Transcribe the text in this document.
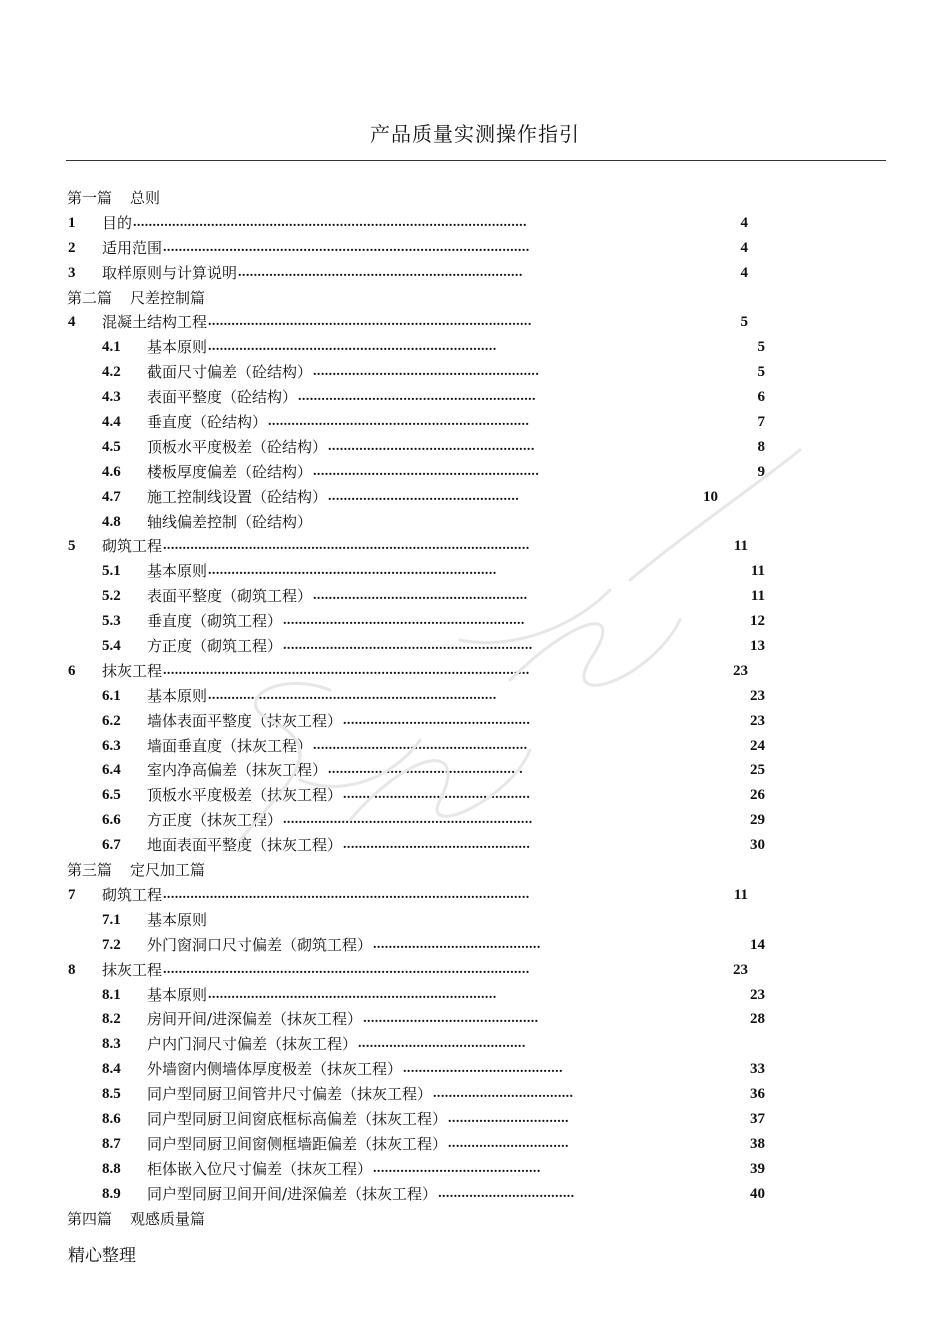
产品质量实测操作指引
第一篇 总则
1 目的	4
.....................................................................................................
2 适用范围	4
..............................................................................................
3 取样原则与计算说明	4
.........................................................................
第二篇 尺差控制篇
4 混凝土结构工程	5
...................................................................................
4.1 基本原则	5
..........................................................................
4.2 截面尺寸偏差（砼结构）	5
..........................................................
4.3 表面平整度（砼结构）	6
.............................................................
4.4 垂直度（砼结构）	7
...................................................................
4.5 顶板水平度极差（砼结构）	8
.....................................................
4.6 楼板厚度偏差（砼结构）	9
..........................................................
4.7 施工控制线设置（砼结构）	10
.................................................
4.8 轴线偏差控制（砼结构）
5 砌筑工程	11
..............................................................................................
5.1 基本原则	11
..........................................................................
5.2 表面平整度（砌筑工程）	11
.......................................................
5.3 垂直度（砌筑工程）	12
..............................................................
5.4 方正度（砌筑工程）	13
................................................................
6 抹灰工程	23
..............................................................................................
6.1 基本原则	23
..........................................................................
6.2 墙体表面平整度（抹灰工程）	23
................................................
6.3 墙面垂直度（抹灰工程）	24
.......................................................
6.4 室内净高偏差（抹灰工程）	25
..................................................
6.5 顶板水平度极差（抹灰工程）	26
................................................
6.6 方正度（抹灰工程）	29
................................................................
6.7 地面表面平整度（抹灰工程）	30
................................................
第三篇 定尺加工篇
7 砌筑工程	11
..............................................................................................
7.1 基本原则
7.2 外门窗洞口尺寸偏差（砌筑工程）	14
...........................................
8 抹灰工程	23
..............................................................................................
8.1 基本原则	23
..........................................................................
8.2 房间开间/进深偏差（抹灰工程）	28
.............................................
8.3 户内门洞尺寸偏差（抹灰工程） ...........................................
8.4 外墙窗内侧墙体厚度极差（抹灰工程）	33
.........................................
8.5 同户型同厨卫间管井尺寸偏差（抹灰工程）	36
....................................
8.6 同户型同厨卫间窗底框标高偏差（抹灰工程）	37
...............................
8.7 同户型同厨卫间窗侧框墙距偏差（抹灰工程）	38
...............................
8.8 柜体嵌入位尺寸偏差（抹灰工程）	39
...........................................
8.9 同户型同厨卫间开间/进深偏差（抹灰工程）	40
...................................
第四篇 观感质量篇
精心整理
